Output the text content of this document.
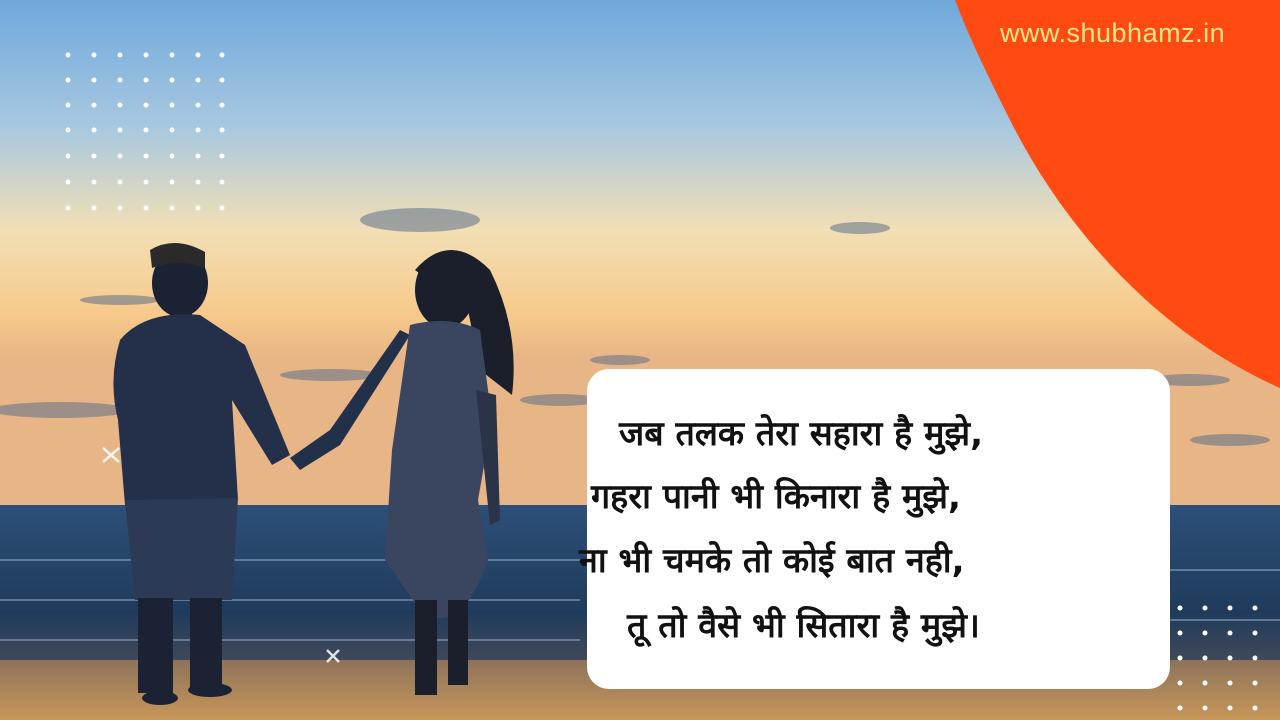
www.shubhamz.in
जब तलक तेरा सहारा है मुझे,
गहरा पानी भी किनारा है मुझे,
ना भी चमके तो कोई बात नही,
तू तो वैसे भी सितारा है मुझे।
